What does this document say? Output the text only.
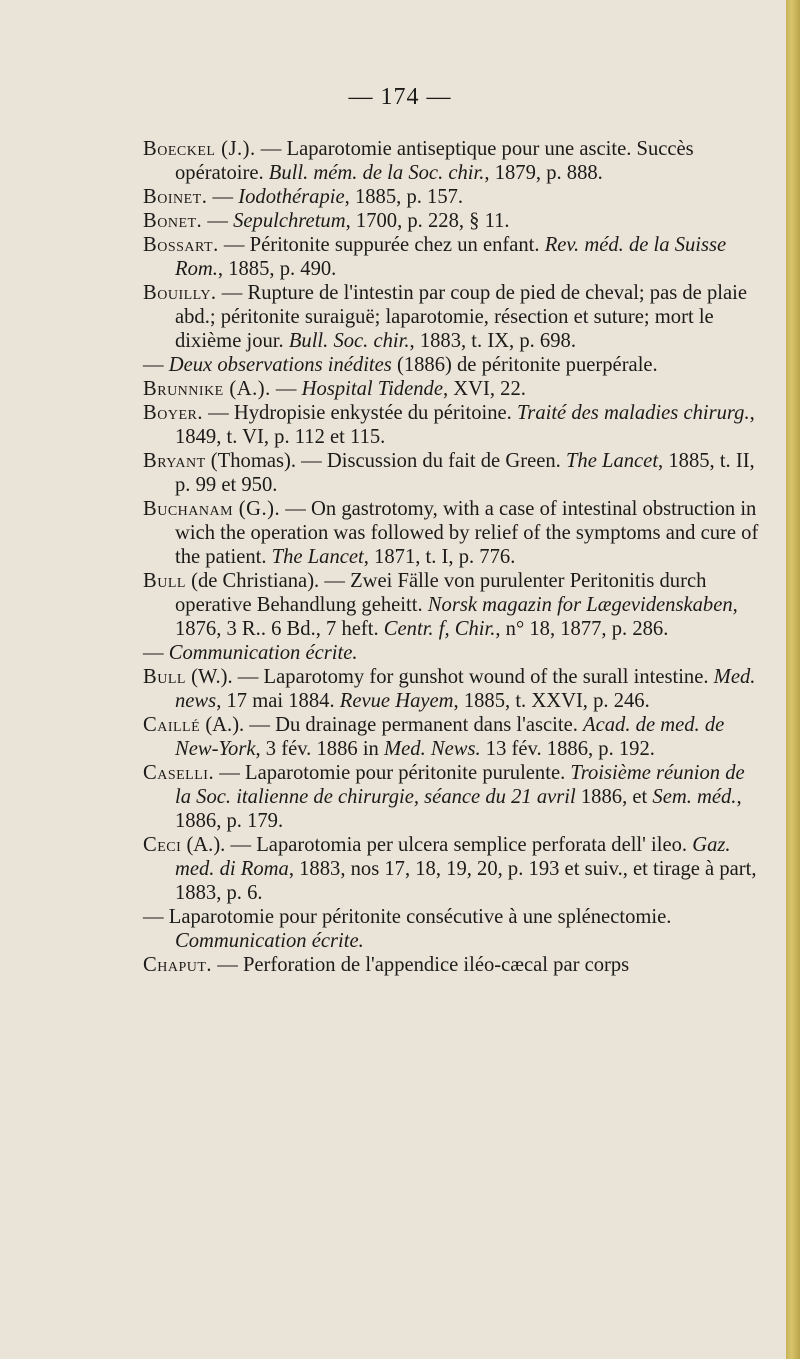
— 174 —

Boeckel (J.). — Laparotomie antiseptique pour une ascite. Succès opératoire. Bull. mém. de la Soc. chir., 1879, p. 888.

Boinet. — Iodothérapie, 1885, p. 157.

Bonet. — Sepulchretum, 1700, p. 228, § 11.

Bossart. — Péritonite suppurée chez un enfant. Rev. méd. de la Suisse Rom., 1885, p. 490.

Bouilly. — Rupture de l'intestin par coup de pied de cheval; pas de plaie abd.; péritonite suraiguë; laparotomie, résection et suture; mort le dixième jour. Bull. Soc. chir., 1883, t. IX, p. 698.

— Deux observations inédites (1886) de péritonite puerpérale.

Brunnike (A.). — Hospital Tidende, XVI, 22.

Boyer. — Hydropisie enkystée du péritoine. Traité des maladies chirurg., 1849, t. VI, p. 112 et 115.

Bryant (Thomas). — Discussion du fait de Green. The Lancet, 1885, t. II, p. 99 et 950.

Buchanam (G.). — On gastrotomy, with a case of intestinal obstruction in wich the operation was followed by relief of the symptoms and cure of the patient. The Lancet, 1871, t. I, p. 776.

Bull (de Christiana). — Zwei Fälle von purulenter Peritonitis durch operative Behandlung geheitt. Norsk magazin for Lægevidenskaben, 1876, 3 R.. 6 Bd., 7 heft. Centr. f, Chir., n° 18, 1877, p. 286.

— Communication écrite.

Bull (W.). — Laparotomy for gunshot wound of the surall intestine. Med. news, 17 mai 1884. Revue Hayem, 1885, t. XXVI, p. 246.

Caillé (A.). — Du drainage permanent dans l'ascite. Acad. de med. de New-York, 3 fév. 1886 in Med. News. 13 fév. 1886, p. 192.

Caselli. — Laparotomie pour péritonite purulente. Troisième réunion de la Soc. italienne de chirurgie, séance du 21 avril 1886, et Sem. méd., 1886, p. 179.

Ceci (A.). — Laparotomia per ulcera semplice perforata dell' ileo. Gaz. med. di Roma, 1883, nos 17, 18, 19, 20, p. 193 et suiv., et tirage à part, 1883, p. 6.

— Laparotomie pour péritonite consécutive à une splénectomie. Communication écrite.

Chaput. — Perforation de l'appendice iléo-cæcal par corps
